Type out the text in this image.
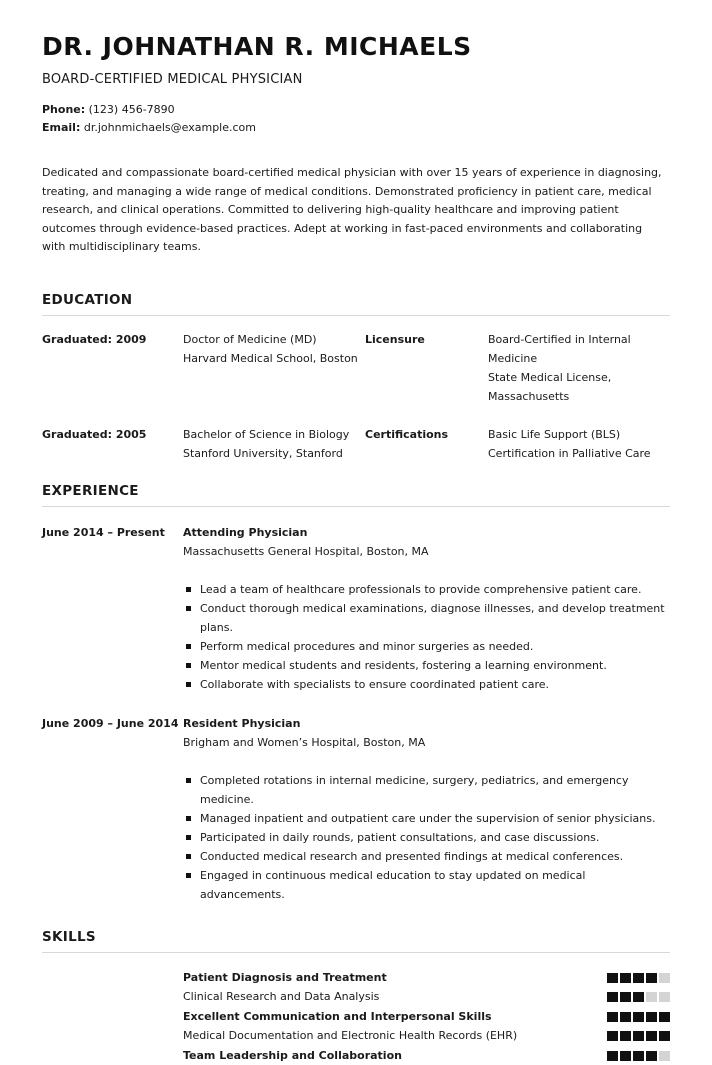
DR. JOHNATHAN R. MICHAELS
BOARD-CERTIFIED MEDICAL PHYSICIAN
Phone: (123) 456-7890
Email: dr.johnmichaels@example.com
Dedicated and compassionate board-certified medical physician with over 15 years of experience in diagnosing, treating, and managing a wide range of medical conditions. Demonstrated proficiency in patient care, medical research, and clinical operations. Committed to delivering high-quality healthcare and improving patient outcomes through evidence-based practices. Adept at working in fast-paced environments and collaborating with multidisciplinary teams.
EDUCATION
Graduated: 2009	Doctor of Medicine (MD)
Harvard Medical School, Boston
Licensure	Board-Certified in Internal Medicine
State Medical License, Massachusetts
Graduated: 2005	Bachelor of Science in Biology
Stanford University, Stanford
Certifications	Basic Life Support (BLS)
Certification in Palliative Care
EXPERIENCE
June 2014 – Present	Attending Physician
Massachusetts General Hospital, Boston, MA
Lead a team of healthcare professionals to provide comprehensive patient care.
Conduct thorough medical examinations, diagnose illnesses, and develop treatment plans.
Perform medical procedures and minor surgeries as needed.
Mentor medical students and residents, fostering a learning environment.
Collaborate with specialists to ensure coordinated patient care.
June 2009 – June 2014 Resident Physician
Brigham and Women’s Hospital, Boston, MA
Completed rotations in internal medicine, surgery, pediatrics, and emergency medicine.
Managed inpatient and outpatient care under the supervision of senior physicians.
Participated in daily rounds, patient consultations, and case discussions.
Conducted medical research and presented findings at medical conferences.
Engaged in continuous medical education to stay updated on medical advancements.
SKILLS
Patient Diagnosis and Treatment
Clinical Research and Data Analysis
Excellent Communication and Interpersonal Skills
Medical Documentation and Electronic Health Records (EHR)
Team Leadership and Collaboration
